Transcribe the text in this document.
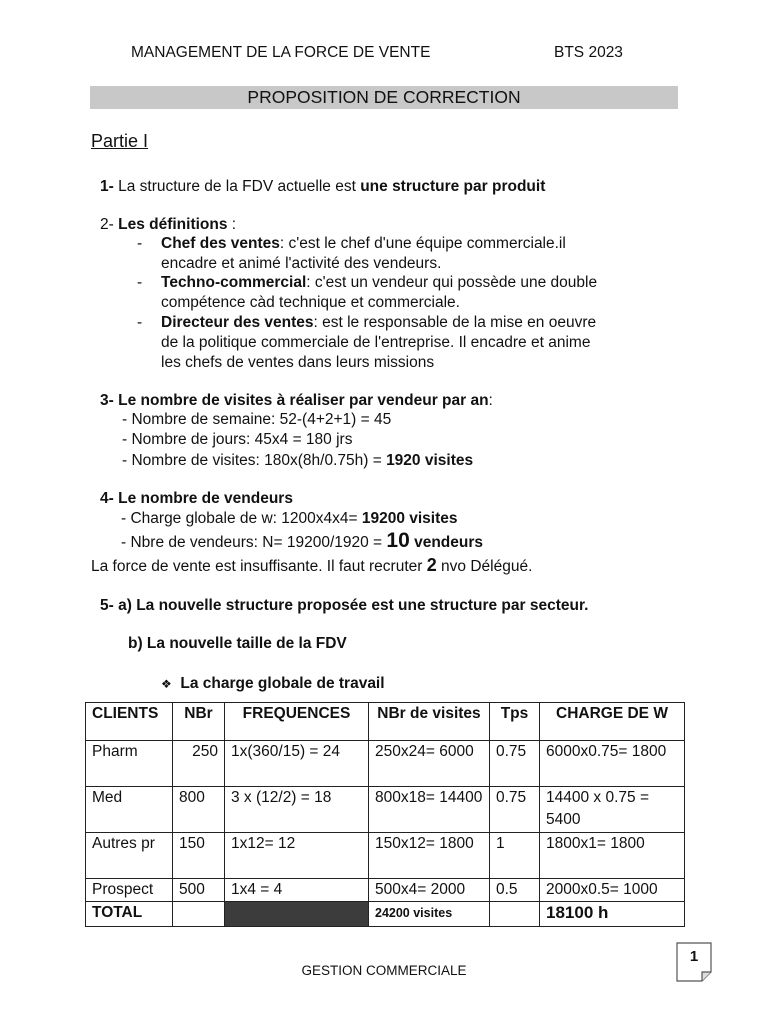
MANAGEMENT DE LA FORCE DE VENTE	BTS 2023
PROPOSITION DE CORRECTION
Partie I
1- La structure de la FDV actuelle est une structure par produit
2- Les définitions :
- Chef des ventes: c'est le chef d'une équipe commerciale.il
encadre et animé l'activité des vendeurs.
- Techno-commercial: c'est un vendeur qui possède une double
compétence càd technique et commerciale.
- Directeur des ventes: est le responsable de la mise en oeuvre
de la politique commerciale de l'entreprise. Il encadre et anime
les chefs de ventes dans leurs missions
3- Le nombre de visites à réaliser par vendeur par an:
- Nombre de semaine: 52-(4+2+1) = 45
- Nombre de jours: 45x4 = 180 jrs
- Nombre de visites: 180x(8h/0.75h) = 1920 visites
4- Le nombre de vendeurs
- Charge globale de w: 1200x4x4= 19200 visites
- Nbre de vendeurs: N= 19200/1920 = 10 vendeurs
La force de vente est insuffisante. Il faut recruter 2 nvo Délégué.
5- a) La nouvelle structure proposée est une structure par secteur.
b) La nouvelle taille de la FDV
❖ La charge globale de travail
CLIENTS	NBr	FREQUENCES	NBr de visites	Tps	CHARGE DE W
Pharm	250	1x(360/15) = 24	250x24= 6000	0.75	6000x0.75= 1800
Med	800	3 x (12/2) = 18	800x18= 14400	0.75	14400 x 0.75 = 5400
Autres pr	150	1x12= 12	150x12= 1800	1	1800x1= 1800
Prospect	500	1x4 = 4	500x4= 2000	0.5	2000x0.5= 1000
TOTAL			24200 visites		18100 h
GESTION COMMERCIALE
1
